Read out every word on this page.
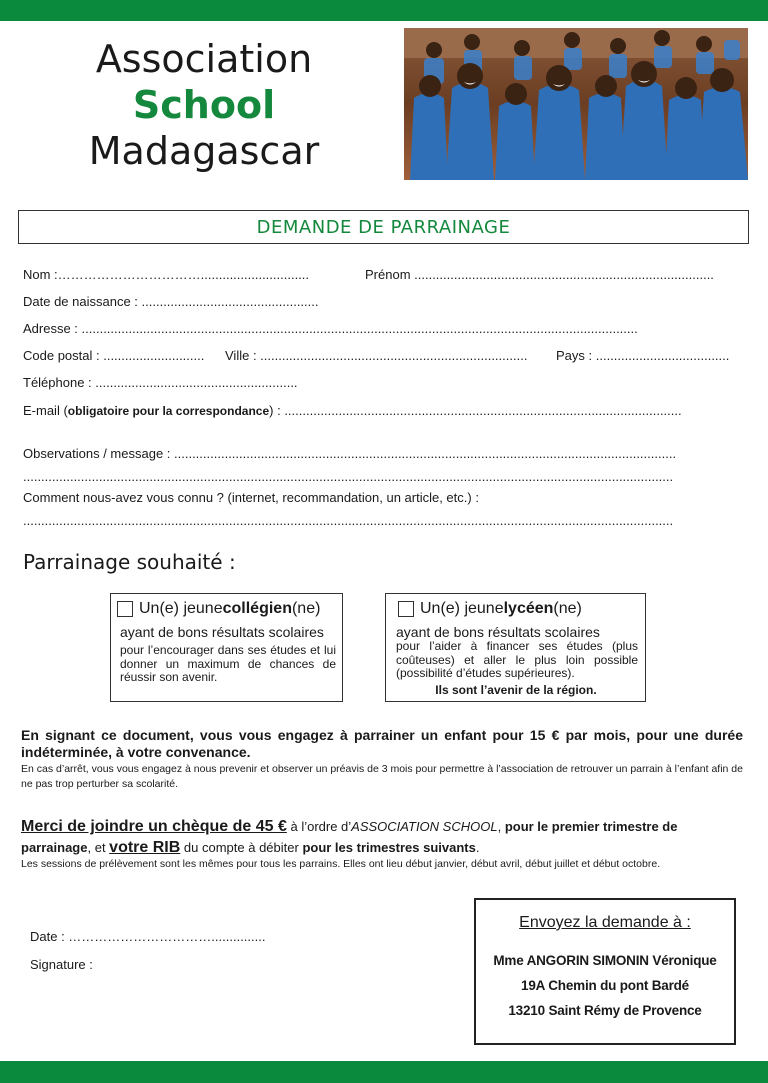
Association
School
Madagascar
DEMANDE DE PARRAINAGE
Nom :……………………………..............................	Prénom ...................................................................................
Date de naissance : .................................................
Adresse : ..........................................................................................................................................................
Code postal : ............................	Ville : ..........................................................................	Pays : .....................................
Téléphone : ........................................................
E-mail (obligatoire pour la correspondance) : ..............................................................................................................
Observations / message : ...........................................................................................................................................
....................................................................................................................................................................................
Comment nous-avez vous connu ? (internet, recommandation, un article, etc.) :
....................................................................................................................................................................................
Parrainage souhaité :
Un(e) jeune collégien (ne)
ayant de bons résultats scolaires
pour l’encourager dans ses études et lui donner un maximum de chances de réussir son avenir.
Un(e) jeune lycéen (ne)
ayant de bons résultats scolaires
pour l’aider à financer ses études (plus coûteuses) et aller le plus loin possible (possibilité d’études supérieures).
Ils sont l’avenir de la région.
En signant ce document, vous vous engagez à parrainer un enfant pour 15 € par mois, pour une durée indéterminée, à votre convenance.
En cas d’arrêt, vous vous engagez à nous prevenir et observer un préavis de 3 mois pour permettre à l’association de retrouver un parrain à l’enfant afin de ne pas trop perturber sa scolarité.
Merci de joindre un chèque de 45 € à l’ordre d’ASSOCIATION SCHOOL, pour le premier trimestre de parrainage, et votre RIB du compte à débiter pour les trimestres suivants.
Les sessions de prélèvement sont les mêmes pour tous les parrains. Elles ont lieu début janvier, début avril, début juillet et début octobre.
Date : ……………………………...............
Signature :
Envoyez la demande à :
Mme ANGORIN SIMONIN Véronique
19A Chemin du pont Bardé
13210 Saint Rémy de Provence
